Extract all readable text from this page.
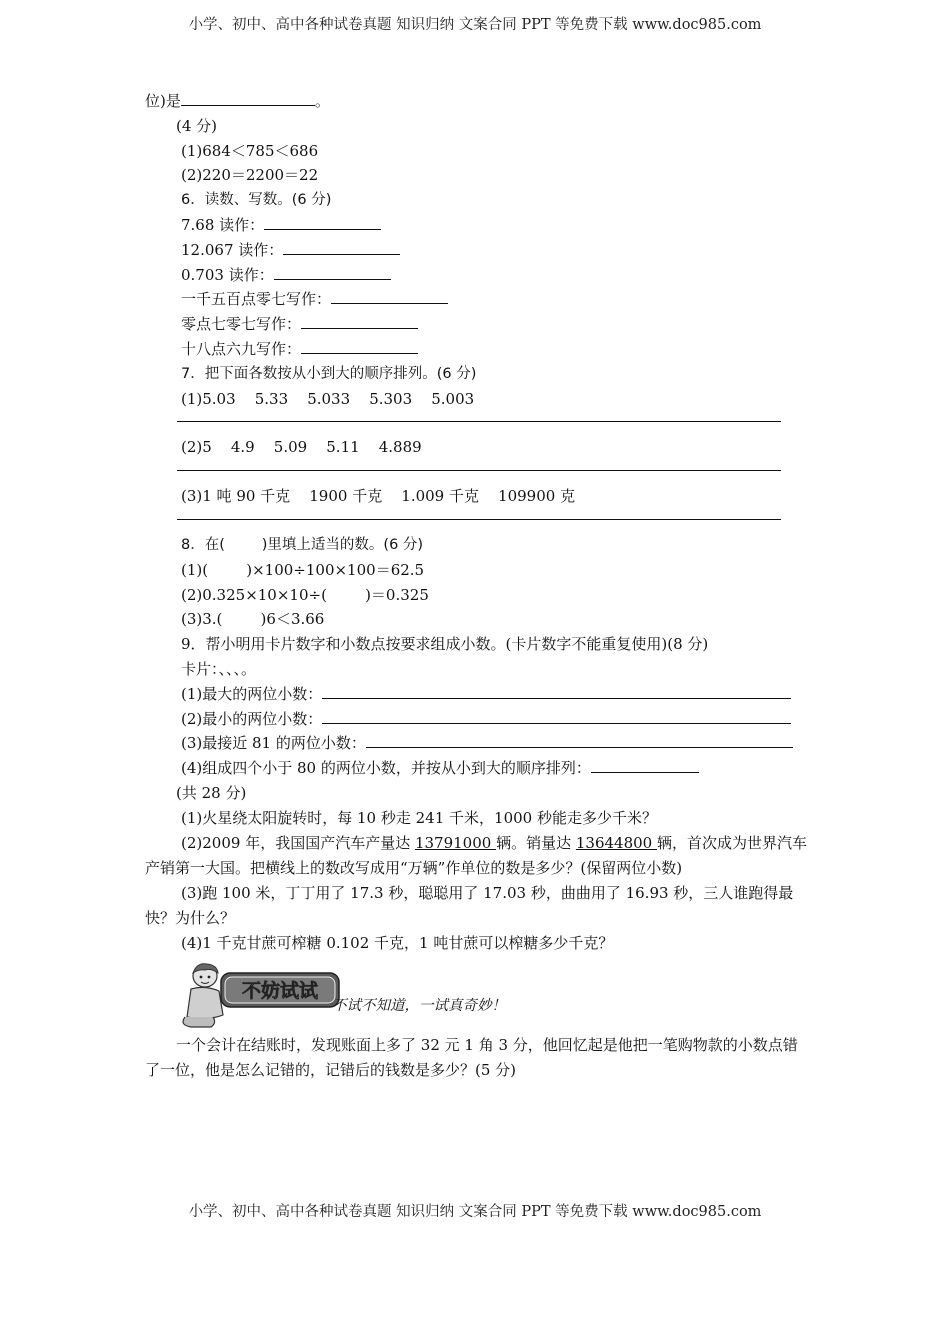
小学、初中、高中各种试卷真题 知识归纳 文案合同 PPT 等免费下载 www.doc985.com
位)是	。
(4 分)
(1)684＜785＜686
(2)220＝2200＝22
6．读数、写数。(6 分)
7.68 读作：
12.067 读作：
0.703 读作：
一千五百点零七写作：
零点七零七写作：
十八点六九写作：
7．把下面各数按从小到大的顺序排列。(6 分)
(1)5.03    5.33    5.033    5.303    5.003
(2)5    4.9    5.09    5.11    4.889
(3)1 吨 90 千克    1900 千克    1.009 千克    109900 克
8．在(        )里填上适当的数。(6 分)
(1)(        )×100÷100×100＝62.5
(2)0.325×10×10÷(        )＝0.325
(3)3.(        )6＜3.66
9．帮小明用卡片数字和小数点按要求组成小数。(卡片数字不能重复使用)(8 分)
卡片：、、、。
(1)最大的两位小数：
(2)最小的两位小数：
(3)最接近 81 的两位小数：
(4)组成四个小于 80 的两位小数，并按从小到大的顺序排列：
(共 28 分)
(1)火星绕太阳旋转时，每 10 秒走 241 千米，1000 秒能走多少千米？
(2)2009 年，我国国产汽车产量达 13791000 辆。销量达 13644800 辆，首次成为世界汽车产销第一大国。把横线上的数改写成用“万辆”作单位的数是多少？(保留两位小数)
(3)跑 100 米，丁丁用了 17.3 秒，聪聪用了 17.03 秒，曲曲用了 16.93 秒，三人谁跑得最快？为什么？
(4)1 千克甘蔗可榨糖 0.102 千克，1 吨甘蔗可以榨糖多少千克？
不妨试试
不试不知道，一试真奇妙！
一个会计在结账时，发现账面上多了 32 元 1 角 3 分，他回忆起是他把一笔购物款的小数点错了一位，他是怎么记错的，记错后的钱数是多少？(5 分)
小学、初中、高中各种试卷真题 知识归纳 文案合同 PPT 等免费下载 www.doc985.com
